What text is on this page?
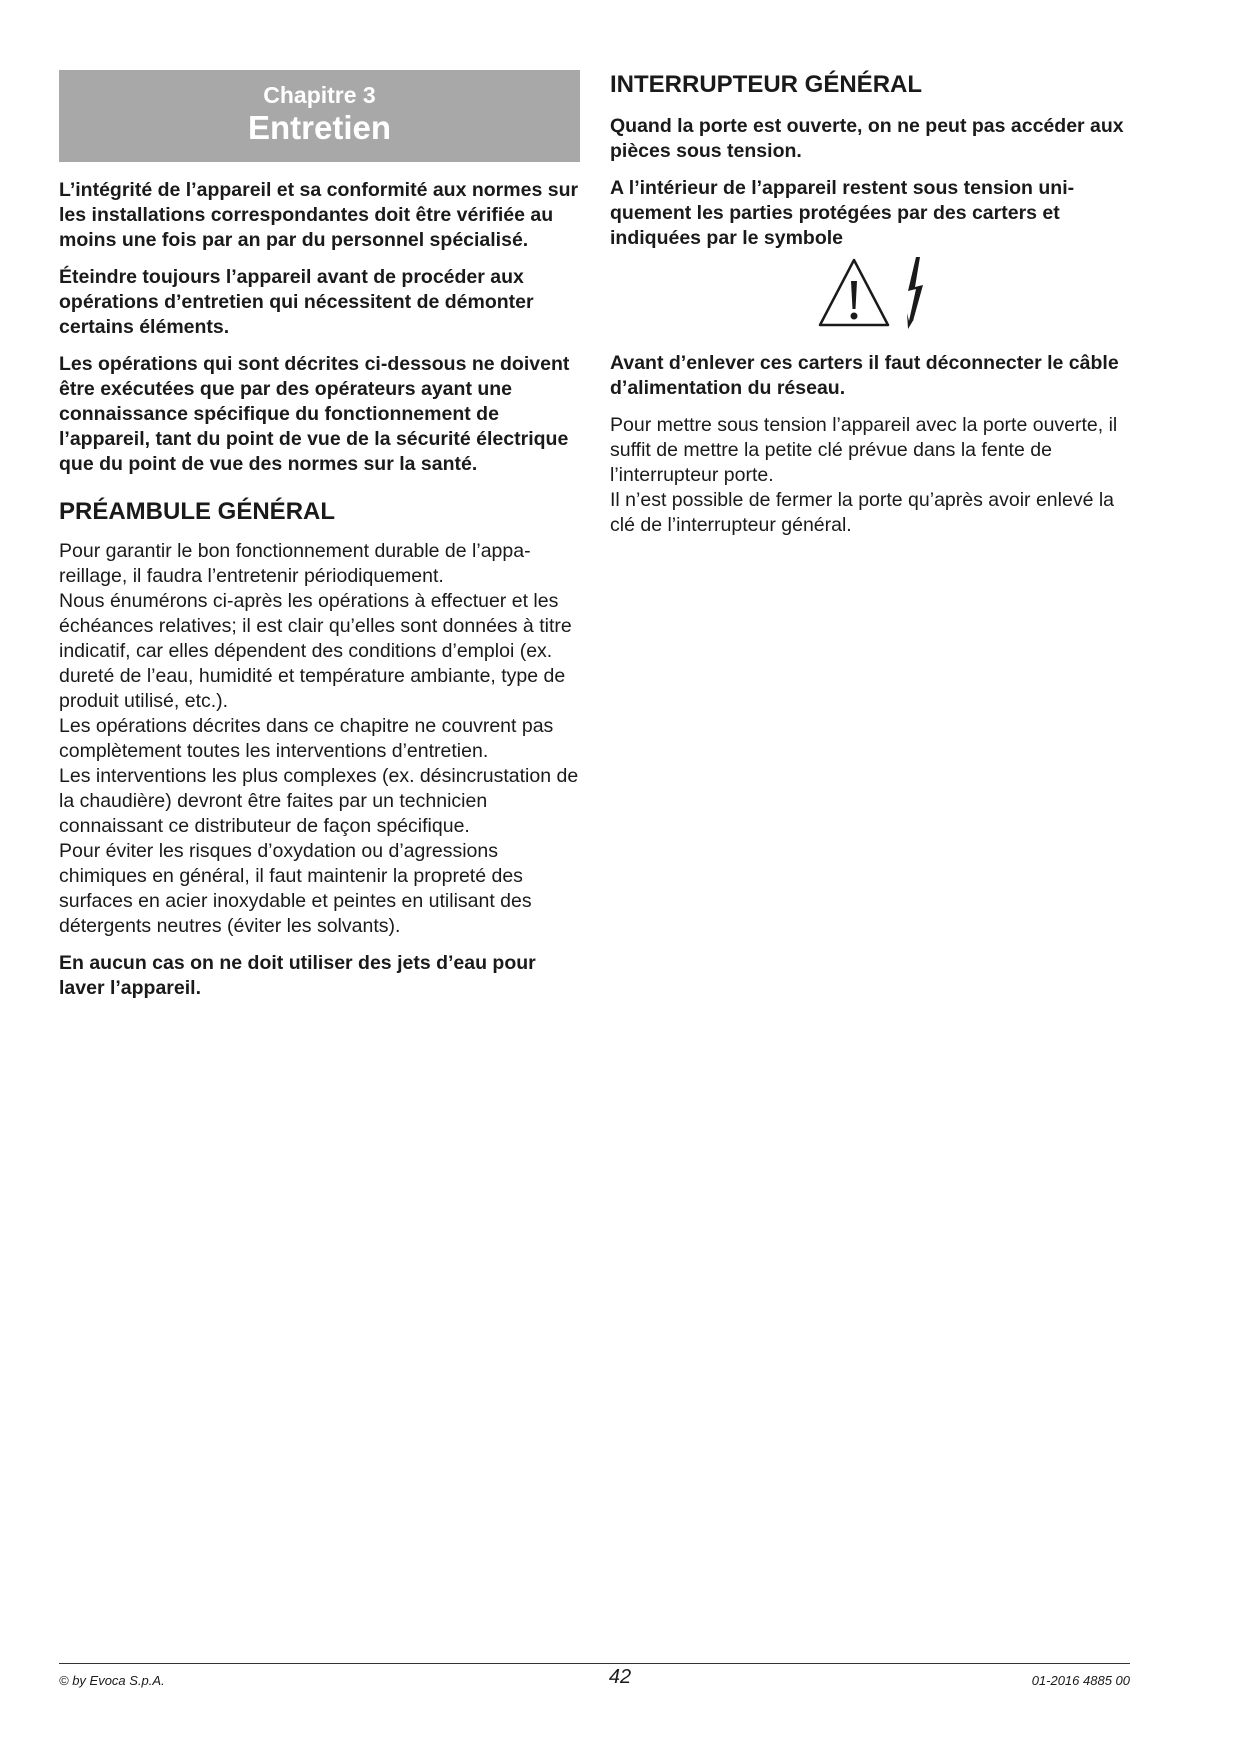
Chapitre 3
Entretien

L’intégrité de l’appareil et sa conformité aux normes sur les installations correspondantes doit être vérifiée au moins une fois par an par du personnel spécialisé.

Éteindre toujours l’appareil avant de procéder aux opérations d’entretien qui nécessitent de démonter certains éléments.

Les opérations qui sont décrites ci-dessous ne doivent être exécutées que par des opérateurs ayant une connaissance spécifique du fonctionnement de l’appareil, tant du point de vue de la sécurité électrique que du point de vue des normes sur la santé.

PRÉAMBULE GÉNÉRAL

Pour garantir le bon fonctionnement durable de l’appareillage, il faudra l’entretenir périodiquement.

Nous énumérons ci-après les opérations à effectuer et les échéances relatives; il est clair qu’elles sont données à titre indicatif, car elles dépendent des conditions d’emploi (ex. dureté de l’eau, humidité et température ambiante, type de produit utilisé, etc.).

Les opérations décrites dans ce chapitre ne couvrent pas complètement toutes les interventions d’entretien.

Les interventions les plus complexes (ex. désincrustation de la chaudière) devront être faites par un technicien connaissant ce distributeur de façon spécifique.

Pour éviter les risques d’oxydation ou d’agressions chimiques en général, il faut maintenir la propreté des surfaces en acier inoxydable et peintes en utilisant des détergents neutres (éviter les solvants).

En aucun cas on ne doit utiliser des jets d’eau pour laver l’appareil.

INTERRUPTEUR GÉNÉRAL

Quand la porte est ouverte, on ne peut pas accéder aux pièces sous tension.

A l’intérieur de l’appareil restent sous tension uniquement les parties protégées par des carters et indiquées par le symbole

Avant d’enlever ces carters il faut déconnecter le câble d’alimentation du réseau.

Pour mettre sous tension l’appareil avec la porte ouverte, il suffit de mettre la petite clé prévue dans la fente de l’interrupteur porte.

Il n’est possible de fermer la porte qu’après avoir enlevé la clé de l’interrupteur général.

© by Evoca S.p.A.	42	01-2016 4885 00
